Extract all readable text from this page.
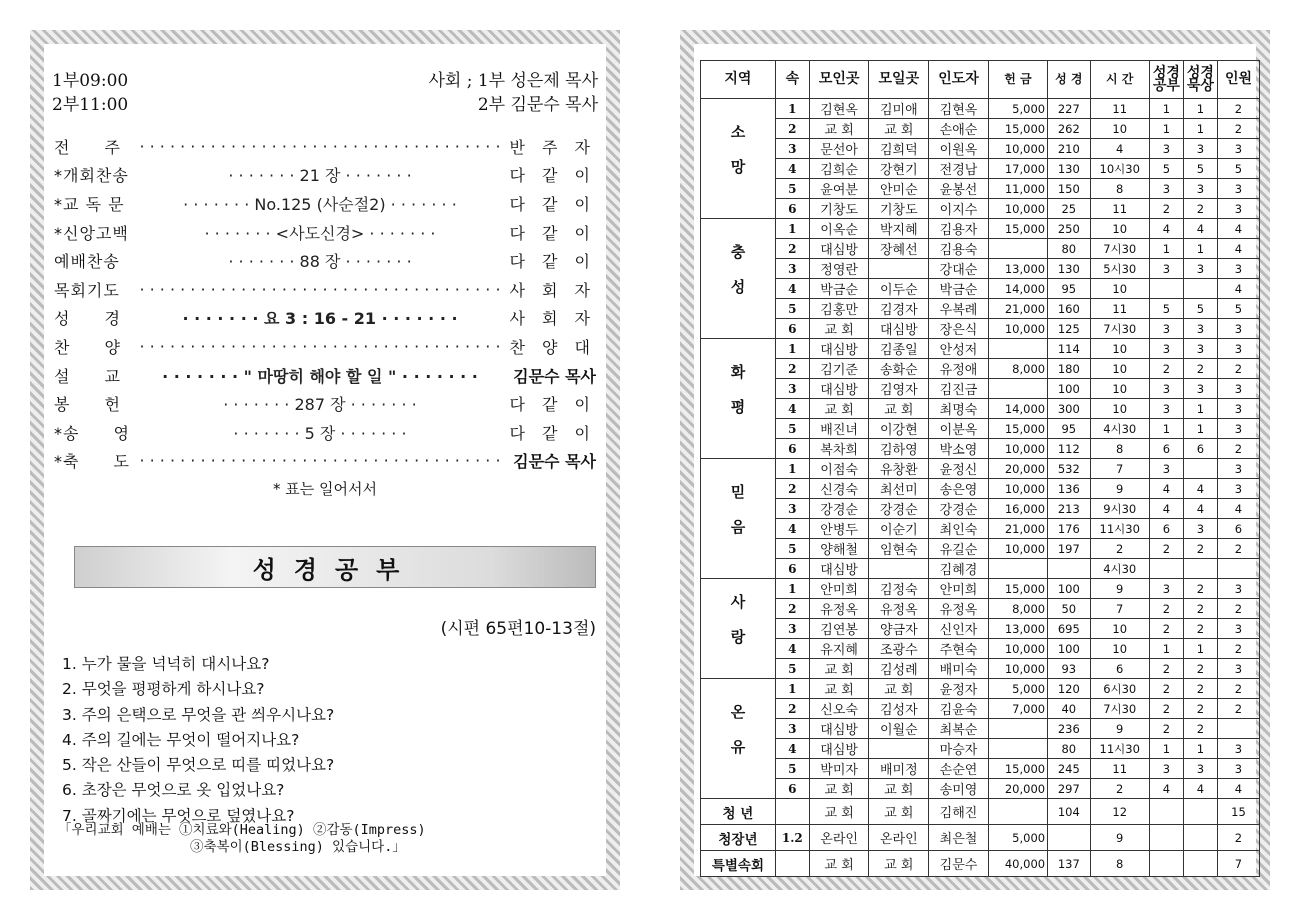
1부09:00	사회 ; 1부 성은제 목사
2부11:00	2부 김문수 목사
전　　주	· · · · · · · · · · · · · · · · · · · · · · · · · · · · · · · · · · · · 반 주 자
*개회찬송	· · · · · · · 21 장 · · · · · · ·	다 같 이
*교 독 문	· · · · · · · No.125 (사순절2) · · · · · · ·	다 같 이
*신앙고백	· · · · · · · <사도신경> · · · · · · ·	다 같 이
예배찬송	· · · · · · · 88 장 · · · · · · ·	다 같 이
목회기도	· · · · · · · · · · · · · · · · · · · · · · · · · · · · · · · · · · · · 사 회 자
성　　경	· · · · · · · 요 3 : 16 - 21 · · · · · · ·	사 회 자
찬　　양	· · · · · · · · · · · · · · · · · · · · · · · · · · · · · · · · · · · · 찬 양 대
설　　교	· · · · · · · " 마땅히 해야 할 일 " · · · · · · ·	김문수 목사
봉　　헌	· · · · · · · 287 장 · · · · · · ·	다 같 이
*송　　영	· · · · · · · 5 장 · · · · · · ·	다 같 이
*축　　도 · · · · · · · · · · · · · · · · · · · · · · · · · · · · · · · · · · · · 김문수 목사
* 표는 일어서서
성경공부
(시편 65편10-13절)
1. 누가 물을 넉넉히 대시나요?
2. 무엇을 평평하게 하시나요?
3. 주의 은택으로 무엇을 관 씌우시나요?
4. 주의 길에는 무엇이 떨어지나요?
5. 작은 산들이 무엇으로 띠를 띠었나요?
6. 초장은 무엇으로 옷 입었나요?
7. 골짜기에는 무엇으로 덮였나요?
「우리교회 예배는 ①치료와(Healing) ②감동(Impress)
③축복이(Blessing) 있습니다.」
지역	속	모인곳	모일곳	인도자	헌 금	성 경	시 간	성경 공부	성경 묵상	인원
소망	1	김현옥	김미애	김현옥	5,000	227	11	1	1	2
	2	교 회	교 회	손애순	15,000	262	10	1	1	2
	3	문선아	김희덕	이원옥	10,000	210	4	3	3	3
	4	김희순	강현기	전경남	17,000	130	10시30	5	5	5
	5	윤여분	안미순	윤봉선	11,000	150	8	3	3	3
	6	기창도	기창도	이지수	10,000	25	11	2	2	3
충성	1	이옥순	박지혜	김용자	15,000	250	10	4	4	4
	2	대심방	장혜선	김용숙		80	7시30	1	1	4
	3	정영란		강대순	13,000	130	5시30	3	3	3
	4	박금순	이두순	박금순	14,000	95	10			4
	5	김홍만	김경자	우복례	21,000	160	11	5	5	5
	6	교 회	대심방	장은식	10,000	125	7시30	3	3	3
화평	1	대심방	김종일	안성저		114	10	3	3	3
	2	김기준	송화순	유정애	8,000	180	10	2	2	2
	3	대심방	김영자	김진금		100	10	3	3	3
	4	교 회	교 회	최명숙	14,000	300	10	3	1	3
	5	배진녀	이강현	이분옥	15,000	95	4시30	1	1	3
	6	복차희	김하영	박소영	10,000	112	8	6	6	2
믿음	1	이점숙	유창환	윤정신	20,000	532	7	3		3
	2	신경숙	최선미	송은영	10,000	136	9	4	4	3
	3	강경순	강경순	강경순	16,000	213	9시30	4	4	4
	4	안병두	이순기	최인숙	21,000	176	11시30	6	3	6
	5	양해철	임현숙	유길순	10,000	197	2	2	2	2
	6	대심방		김혜경			4시30			
사랑	1	안미희	김정숙	안미희	15,000	100	9	3	2	3
	2	유정옥	유정옥	유정옥	8,000	50	7	2	2	2
	3	김연봉	양금자	신인자	13,000	695	10	2	2	3
	4	유지혜	조광수	주현숙	10,000	100	10	1	1	2
	5	교 회	김성례	배미숙	10,000	93	6	2	2	3
온유	1	교 회	교 회	윤정자	5,000	120	6시30	2	2	2
	2	신오숙	김성자	김윤숙	7,000	40	7시30	2	2	2
	3	대심방	이월순	최복순		236	9	2	2	
	4	대심방		마승자		80	11시30	1	1	3
	5	박미자	배미정	손순연	15,000	245	11	3	3	3
	6	교 회	교 회	송미영	20,000	297	2	4	4	4
청 년		교 회	교 회	김해진		104	12			15
청장년	1.2	온라인	온라인	최은철	5,000		9			2
특별속회		교 회	교 회	김문수	40,000	137	8			7
